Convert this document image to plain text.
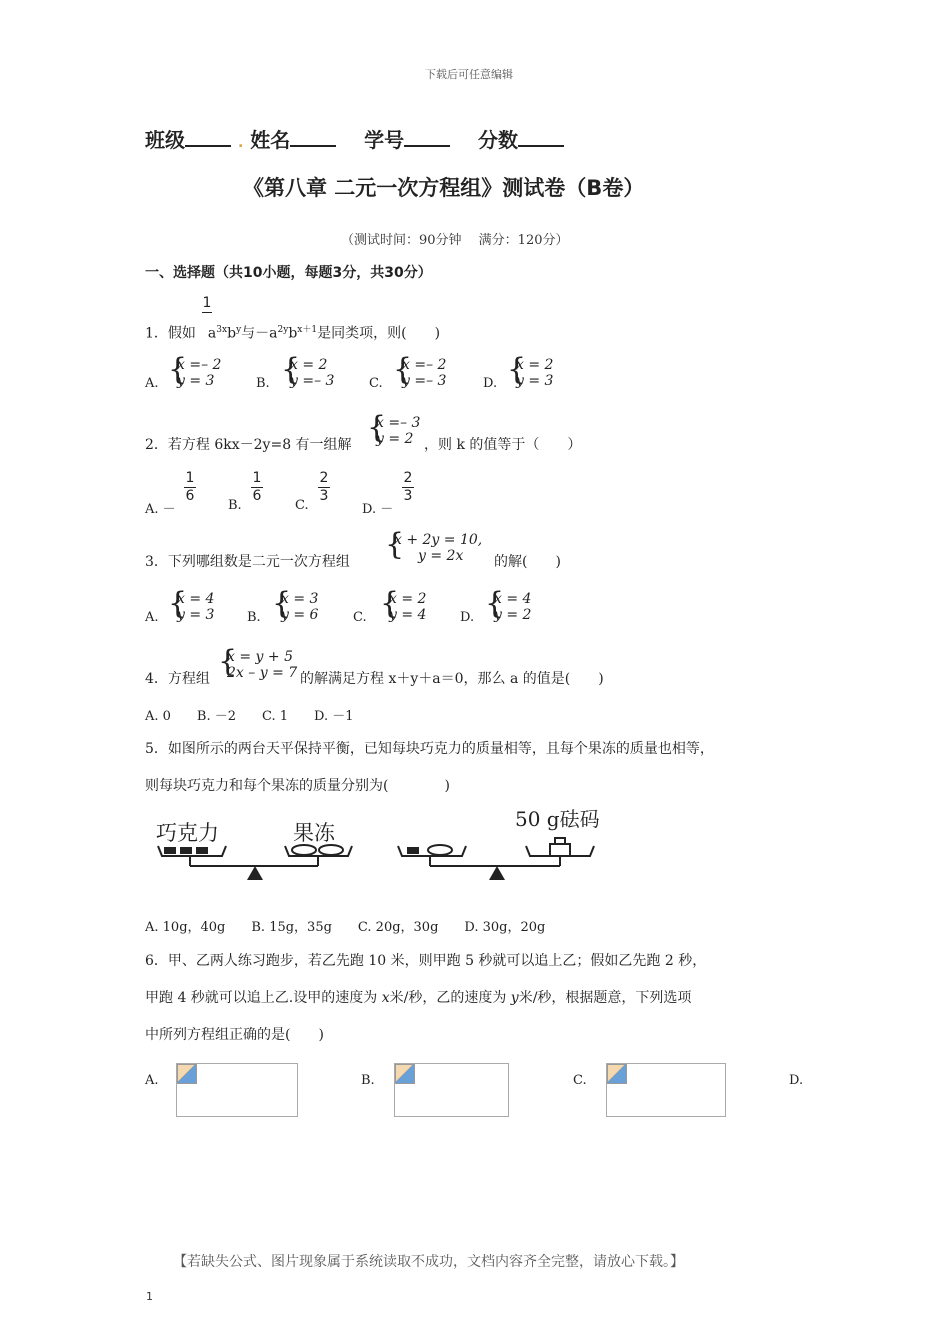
下载后可任意编辑
班级	. 姓名	学号	分数
《第八章 二元一次方程组》测试卷（B卷）
（测试时间：90分钟　 满分：120分）
一、选择题（共10小题，每题3分，共30分）
1
1．假如 $a^{3x}b^y$与$-a^{2y}b^{x+1}$是同类项，则(　　)
A. {
x =– 2
y = 3	B. {
x = 2
y =– 3	C. {
x =– 2
y =– 3	D. {
x = 2
y = 3
2．若方程 6kx－2y=8 有一组解 {
x =– 3
y = 2 ，则 k 的值等于（　　）
A. －
1
6
B.
1
6
C.
2
3
D. －
2
3
3．下列哪组数是二元一次方程组 {
x + 2y = 10,
y = 2x 的解(　　)
A. {
x = 4
y = 3	B. {
x = 3
y = 6	C. {
x = 2
y = 4	D. {
x = 4
y = 2
4．方程组 {
x = y + 5
2x – y = 7 的解满足方程 x＋y＋a＝0，那么 a 的值是(　　)
A. 0　　B. －2　　C. 1　　D. －1
5．如图所示的两台天平保持平衡，已知每块巧克力的质量相等，且每个果冻的质量也相等，
则每块巧克力和每个果冻的质量分别为(　　　　)
巧克力	果冻
50 g砝码
A. 10g，40g　　B. 15g，35g　　C. 20g，30g　　D. 30g，20g
6．甲、乙两人练习跑步，若乙先跑 10 米，则甲跑 5 秒就可以追上乙；假如乙先跑 2 秒，
甲跑 4 秒就可以追上乙.设甲的速度为 x米/秒，乙的速度为 y米/秒，根据题意，下列选项
中所列方程组正确的是(　　)
A.	B.	C.	D.
【若缺失公式、图片现象属于系统读取不成功，文档内容齐全完整，请放心下载。】
1
